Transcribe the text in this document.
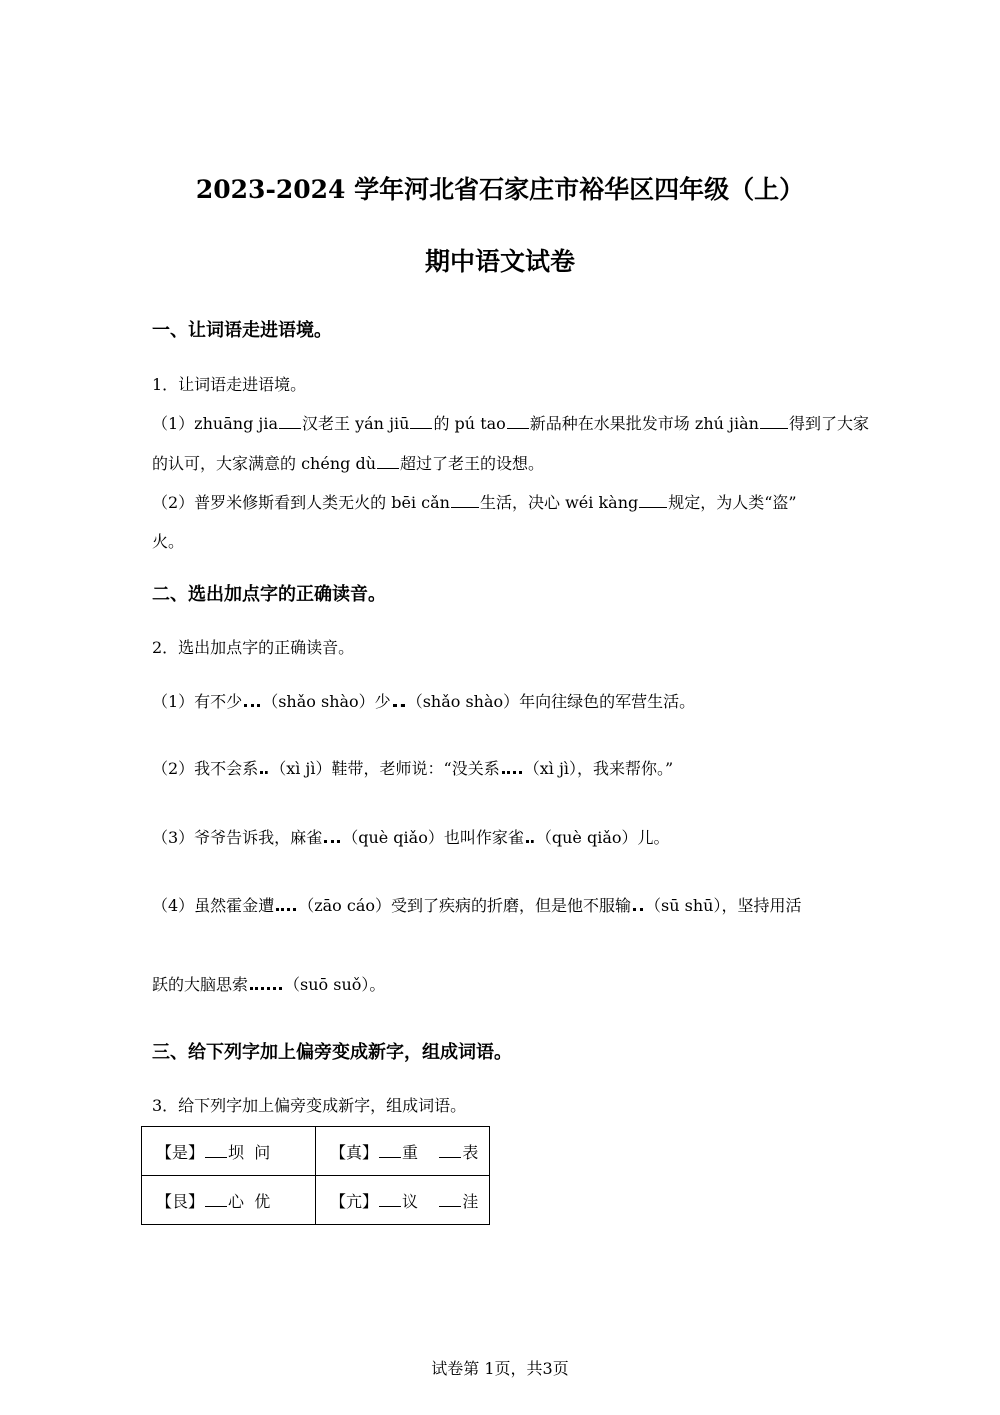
2023-2024 学年河北省石家庄市裕华区四年级（上）
期中语文试卷
一、让词语走进语境。
1．让词语走进语境。
（1）zhuāng jia 汉老王 yán jiū 的 pú tao 新品种在水果批发市场 zhú jiàn 得到了大家
的认可，大家满意的 chéng dù 超过了老王的设想。
（2）普罗米修斯看到人类无火的 bēi cǎn 生活，决心 wéi kàng 规定，为人类“盗”
火。
二、选出加点字的正确读音。
2．选出加点字的正确读音。
（1）有不少 （shǎo shào）少 （shǎo shào）年向往绿色的军营生活。
（2）我不会系 （xì jì）鞋带，老师说：“没关系 （xì jì），我来帮你。”
（3）爷爷告诉我，麻雀 （què qiǎo）也叫作家雀 （què qiǎo）儿。
（4）虽然霍金遭 （zāo cáo）受到了疾病的折磨，但是他不服输 （sū shū），坚持用活
跃的大脑思索 （suō suǒ）。
三、给下列字加上偏旁变成新字，组成词语。
3．给下列字加上偏旁变成新字，组成词语。
【是】 坝 问	【真】 重 表
【艮】 心 优	【亢】 议 洼
试卷第 1页，共3页
